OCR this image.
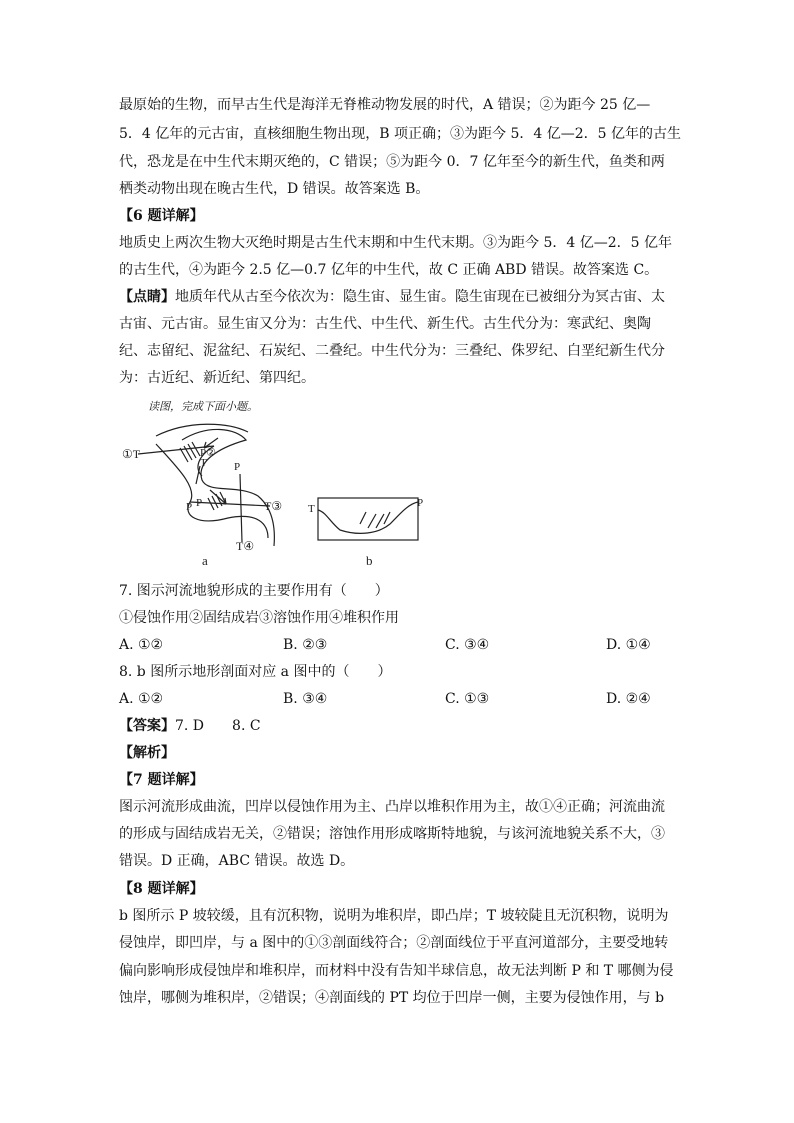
最原始的生物，而早古生代是海洋无脊椎动物发展的时代，A 错误；②为距今 25 亿—
5．4 亿年的元古宙，直核细胞生物出现，B 项正确；③为距今 5．4 亿—2．5 亿年的古生
代，恐龙是在中生代末期灭绝的，C 错误；⑤为距今 0．7 亿年至今的新生代，鱼类和两
栖类动物出现在晚古生代，D 错误。故答案选 B。
【6 题详解】
地质史上两次生物大灭绝时期是古生代末期和中生代末期。③为距今 5．4 亿—2．5 亿年
的古生代，④为距今 2.5 亿—0.7 亿年的中生代，故 C 正确 ABD 错误。故答案选 C。
【点睛】地质年代从古至今依次为：隐生宙、显生宙。隐生宙现在已被细分为冥古宙、太
古宙、元古宙。显生宙又分为：古生代、中生代、新生代。古生代分为：寒武纪、奥陶
纪、志留纪、泥盆纪、石炭纪、二叠纪。中生代分为：三叠纪、侏罗纪、白垩纪新生代分
为：古近纪、新近纪、第四纪。
读图，完成下面小题。
①T	P②
T P
P
P	T③
T④
a
T	P
b
7. 图示河流地貌形成的主要作用有（　　）
①侵蚀作用②固结成岩③溶蚀作用④堆积作用
A. ①②	B. ②③	C. ③④	D. ①④
8. b 图所示地形剖面对应 a 图中的（　　）
A. ①②	B. ③④	C. ①③	D. ②④
【答案】7. D　　8. C
【解析】
【7 题详解】
图示河流形成曲流，凹岸以侵蚀作用为主、凸岸以堆积作用为主，故①④正确；河流曲流
的形成与固结成岩无关，②错误；溶蚀作用形成喀斯特地貌，与该河流地貌关系不大，③
错误。D 正确，ABC 错误。故选 D。
【8 题详解】
b 图所示 P 坡较缓，且有沉积物，说明为堆积岸，即凸岸；T 坡较陡且无沉积物，说明为
侵蚀岸，即凹岸，与 a 图中的①③剖面线符合；②剖面线位于平直河道部分，主要受地转
偏向影响形成侵蚀岸和堆积岸，而材料中没有告知半球信息，故无法判断 P 和 T 哪侧为侵
蚀岸，哪侧为堆积岸，②错误；④剖面线的 PT 均位于凹岸一侧，主要为侵蚀作用，与 b
